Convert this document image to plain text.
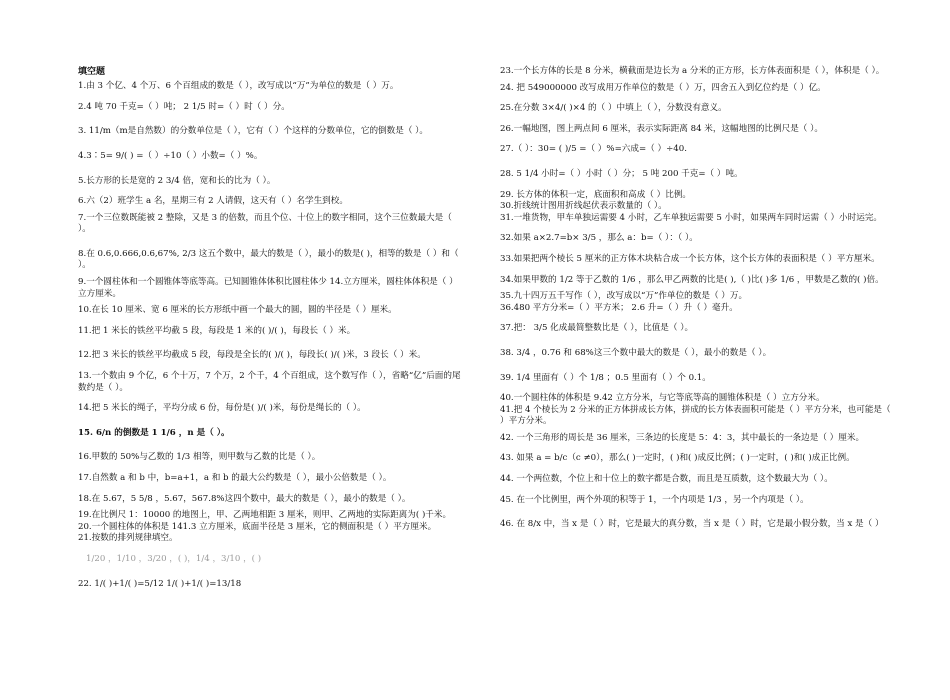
填空题

1.由 3 个亿、4 个万、6 个百组成的数是（ ），改写成以“万”为单位的数是（ ）万。

2.4 吨 70 千克=（ ）吨； 2 1/5 时=（ ）时（ ）分。

3. 11/m（m是自然数）的分数单位是（ ），它有（ ）个这样的分数单位，它的倒数是（ ）。

4.3∶5= 9/( ) =（ ）÷10（ ）小数=（ ）%。

5.长方形的长是宽的 2 3/4 倍，宽和长的比为（ ）。

6.六（2）班学生 a 名，星期三有 2 人请假，这天有（ ）名学生到校。

7.一个三位数既能被 2 整除，又是 3 的倍数，而且个位、十位上的数字相同，这个三位数最大是（ ）。

8.在 0.6,0.666,0.6,67%, 2/3 这五个数中，最大的数是（ ），最小的数是( )，相等的数是（ ）和（ ）。

9.一个圆柱体和一个圆锥体等底等高。已知圆锥体体积比圆柱体少 14.立方厘米，圆柱体体积是（ ）立方厘米。

10.在长 10 厘米、宽 6 厘米的长方形纸中画一个最大的圆，圆的半径是（ ）厘米。

11.把 1 米长的铁丝平均截 5 段，每段是 1 米的( )/( )，每段长（ ）米。

12.把 3 米长的铁丝平均截成 5 段，每段是全长的( )/( )，每段长( )/( )米，3 段长（ ）米。

13.一个数由 9 个亿，6 个十万，7 个万，2 个千，4 个百组成，这个数写作（ ），省略“亿”后面的尾数约是（ ）。

14.把 5 米长的绳子，平均分成 6 份，每份是( )/( )米，每份是绳长的（ ）。

15. 6/n 的倒数是 1 1/6 ，n 是（ ）。

16.甲数的 50%与乙数的 1/3 相等，则甲数与乙数的比是（ ）。

17.自然数 a 和 b 中，b=a+1，a 和 b 的最大公约数是（ ），最小公倍数是（ ）。

18.在 5.67，5 5/8 ，5.67，567.8%这四个数中，最大的数是（ ），最小的数是（ ）。

19.在比例尺 1：10000 的地图上，甲、乙两地相距 3 厘米，则甲、乙两地的实际距离为( )千米。

20.一个圆柱体的体积是 141.3 立方厘米，底面半径是 3 厘米，它的侧面积是（ ）平方厘米。

21.按数的排列规律填空。

1/20 ，1/10 ，3/20 ，( )，1/4 ，3/10 ，( )

22. 1/( )+1/( )=5/12 1/( )+1/( )=13/18

23.一个长方体的长是 8 分米，横截面是边长为 a 分米的正方形，长方体表面积是（ ），体积是（ ）。

24. 把 549000000 改写成用万作单位的数是（ ）万，四舍五入到亿位约是（ ）亿。

25.在分数 3×4/( )×4 的（ ）中填上（ ），分数没有意义。

26.一幅地图，图上两点间 6 厘米，表示实际距离 84 米，这幅地图的比例尺是（ ）。

27.（ ）：30= ( )/5 =（ ）%=六成=（ ）÷40.

28. 5 1/4 小时=（ ）小时（ ）分； 5 吨 200 千克=（ ）吨。

29. 长方体的体积一定，底面积和高成（ ）比例。

30.折线统计图用折线起伏表示数量的（ ）。

31.一堆货物，甲车单独运需要 4 小时，乙车单独运需要 5 小时，如果两车同时运需（ ）小时运完。

32.如果 a×2.7=b× 3/5 ，那么 a：b=（ ）：（ ）。

33.如果把两个棱长 5 厘米的正方体木块粘合成一个长方体，这个长方体的表面积是（ ）平方厘米。

34.如果甲数的 1/2 等于乙数的 1/6 ，那么甲乙两数的比是( ),（ )比( )多 1/6 ，甲数是乙数的( )倍。

35.九十四万五千写作（ ），改写成以“万”作单位的数是（ ）万。

36.480 平方分米=（ ）平方米； 2.6 升=（ ）升（ ）毫升。

37.把： 3/5 化成最简整数比是（ ），比值是（ ）。

38. 3/4 ，0.76 和 68%这三个数中最大的数是（ ），最小的数是（ ）。

39. 1/4 里面有（ ）个 1/8 ；0.5 里面有（ ）个 0.1。

40.一个圆柱体的体积是 9.42 立方分米，与它等底等高的圆锥体积是（ ）立方分米。

41.把 4 个棱长为 2 分米的正方体拼成长方体，拼成的长方体表面积可能是（ ）平方分米，也可能是（ ）平方分米。

42. 一个三角形的周长是 36 厘米，三条边的长度是 5：4：3，其中最长的一条边是（ ）厘米。

43. 如果 a = b/c（c ≠0），那么( )一定时，( )和( )成反比例；( )一定时，( )和( )成正比例。

44. 一个两位数，个位上和十位上的数字都是合数，而且是互质数，这个数最大为（ ）。

45. 在一个比例里，两个外项的积等于 1，一个内项是 1/3 ，另一个内项是（ ）。

46. 在 8/x 中，当 x 是（ ）时，它是最大的真分数，当 x 是（ ）时，它是最小假分数，当 x 是（ ）
